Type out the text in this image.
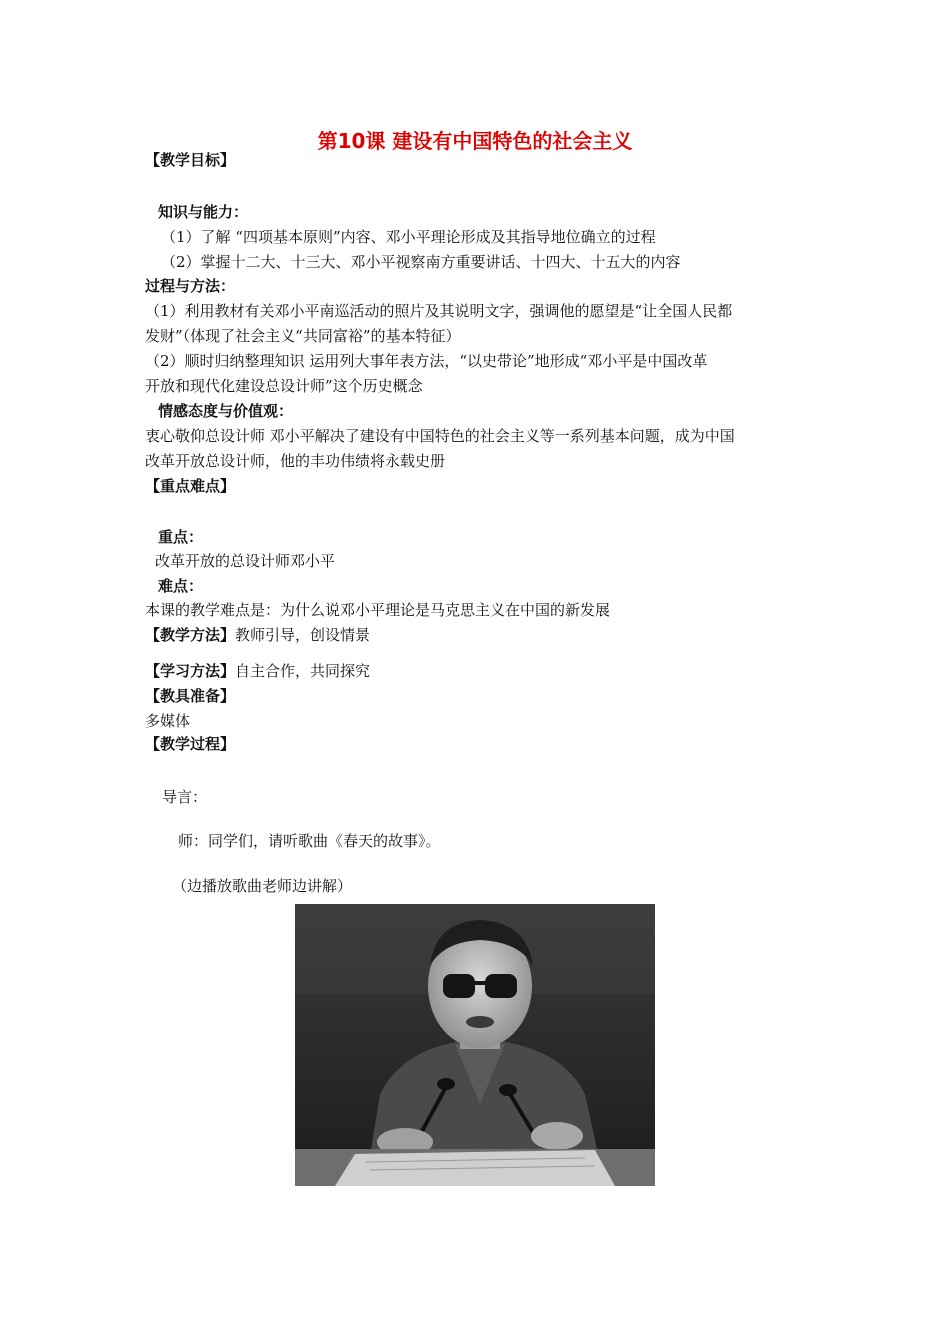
第10课 建设有中国特色的社会主义
【教学目标】
知识与能力：
（1）了解 “四项基本原则”内容、邓小平理论形成及其指导地位确立的过程
（2）掌握十二大、十三大、邓小平视察南方重要讲话、十四大、十五大的内容
过程与方法：
（1）利用教材有关邓小平南巡活动的照片及其说明文字，强调他的愿望是“让全国人民都
发财”（体现了社会主义“共同富裕”的基本特征）
（2）顺时归纳整理知识 运用列大事年表方法，“以史带论”地形成“邓小平是中国改革
开放和现代化建设总设计师”这个历史概念
情感态度与价值观：
衷心敬仰总设计师 邓小平解决了建设有中国特色的社会主义等一系列基本问题，成为中国
改革开放总设计师，他的丰功伟绩将永载史册
【重点难点】
重点：
改革开放的总设计师邓小平
难点：
本课的教学难点是：为什么说邓小平理论是马克思主义在中国的新发展
【教学方法】教师引导，创设情景
【学习方法】自主合作，共同探究
【教具准备】
多媒体
【教学过程】
导言：
师：同学们，请听歌曲《春天的故事》。
（边播放歌曲老师边讲解）
